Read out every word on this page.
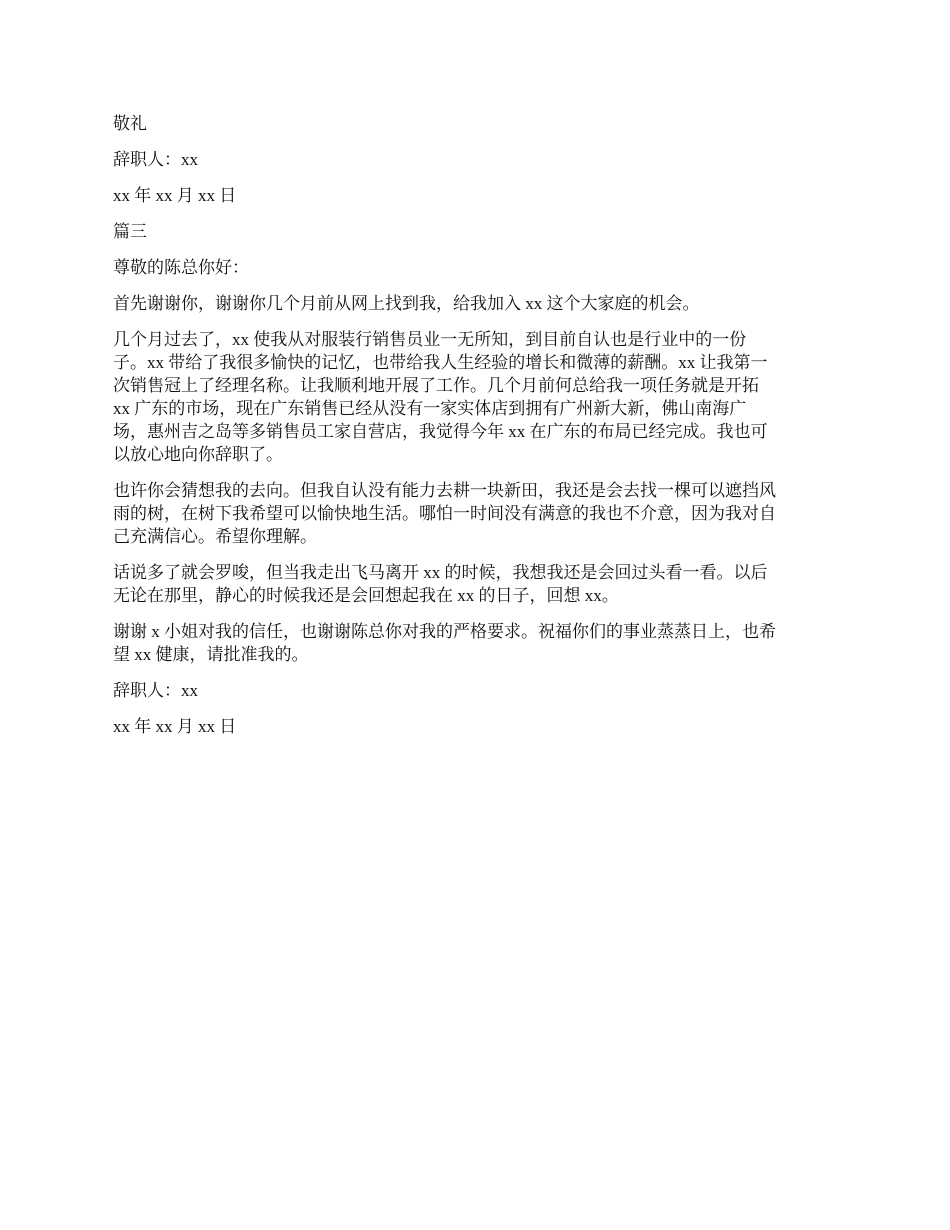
敬礼

辞职人：xx

xx 年 xx 月 xx 日

篇三

尊敬的陈总你好：

首先谢谢你，谢谢你几个月前从网上找到我，给我加入 xx 这个大家庭的机会。
几个月过去了，xx 使我从对服装行销售员业一无所知，到目前自认也是行业中的一份
子。xx 带给了我很多愉快的记忆，也带给我人生经验的增长和微薄的薪酬。xx 让我第一
次销售冠上了经理名称。让我顺利地开展了工作。几个月前何总给我一项任务就是开拓
xx 广东的市场，现在广东销售已经从没有一家实体店到拥有广州新大新，佛山南海广
场，惠州吉之岛等多销售员工家自营店，我觉得今年 xx 在广东的布局已经完成。我也可
以放心地向你辞职了。
也许你会猜想我的去向。但我自认没有能力去耕一块新田，我还是会去找一棵可以遮挡风
雨的树，在树下我希望可以愉快地生活。哪怕一时间没有满意的我也不介意，因为我对自
己充满信心。希望你理解。
话说多了就会罗唆，但当我走出飞马离开 xx 的时候，我想我还是会回过头看一看。以后
无论在那里，静心的时候我还是会回想起我在 xx 的日子，回想 xx。
谢谢 x 小姐对我的信任，也谢谢陈总你对我的严格要求。祝福你们的事业蒸蒸日上，也希
望 xx 健康，请批准我的。

辞职人：xx

xx 年 xx 月 xx 日
